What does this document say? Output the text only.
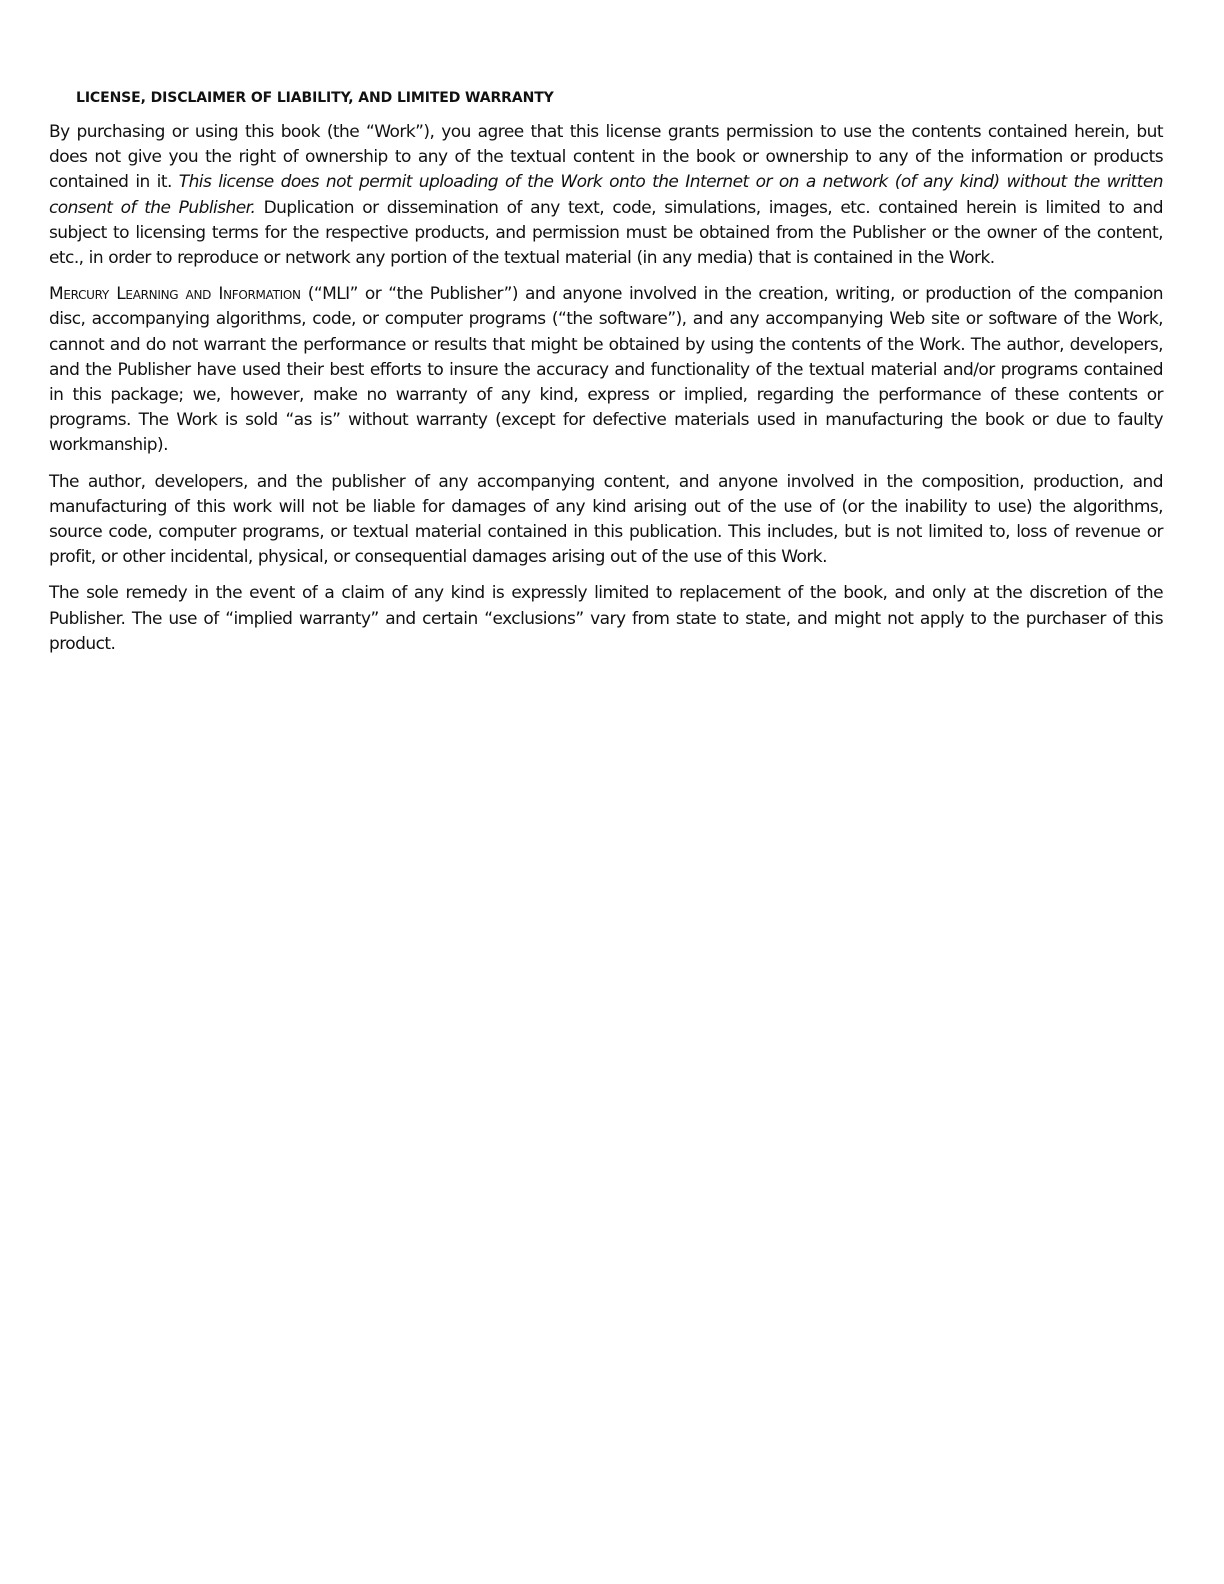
LICENSE, DISCLAIMER OF LIABILITY, AND LIMITED WARRANTY

By purchasing or using this book (the “Work”), you agree that this license grants permission to use the contents contained herein, but does not give you the right of ownership to any of the textual content in the book or ownership to any of the information or products contained in it. This license does not permit uploading of the Work onto the Internet or on a network (of any kind) without the written consent of the Publisher. Duplication or dissemination of any text, code, simulations, images, etc. contained herein is limited to and subject to licensing terms for the respective products, and permission must be obtained from the Publisher or the owner of the content, etc., in order to reproduce or network any portion of the textual material (in any media) that is contained in the Work.

Mercury Learning and Information (“MLI” or “the Publisher”) and anyone involved in the creation, writing, or production of the companion disc, accompanying algorithms, code, or computer programs (“the software”), and any accompanying Web site or software of the Work, cannot and do not warrant the performance or results that might be obtained by using the contents of the Work. The author, developers, and the Publisher have used their best efforts to insure the accuracy and functionality of the textual material and/or programs contained in this package; we, however, make no warranty of any kind, express or implied, regarding the performance of these contents or programs. The Work is sold “as is” without warranty (except for defective materials used in manufacturing the book or due to faulty workmanship).

The author, developers, and the publisher of any accompanying content, and anyone involved in the composition, production, and manufacturing of this work will not be liable for damages of any kind arising out of the use of (or the inability to use) the algorithms, source code, computer programs, or textual material contained in this publication. This includes, but is not limited to, loss of revenue or profit, or other incidental, physical, or consequential damages arising out of the use of this Work.

The sole remedy in the event of a claim of any kind is expressly limited to replacement of the book, and only at the discretion of the Publisher. The use of “implied warranty” and certain “exclusions” vary from state to state, and might not apply to the purchaser of this product.
